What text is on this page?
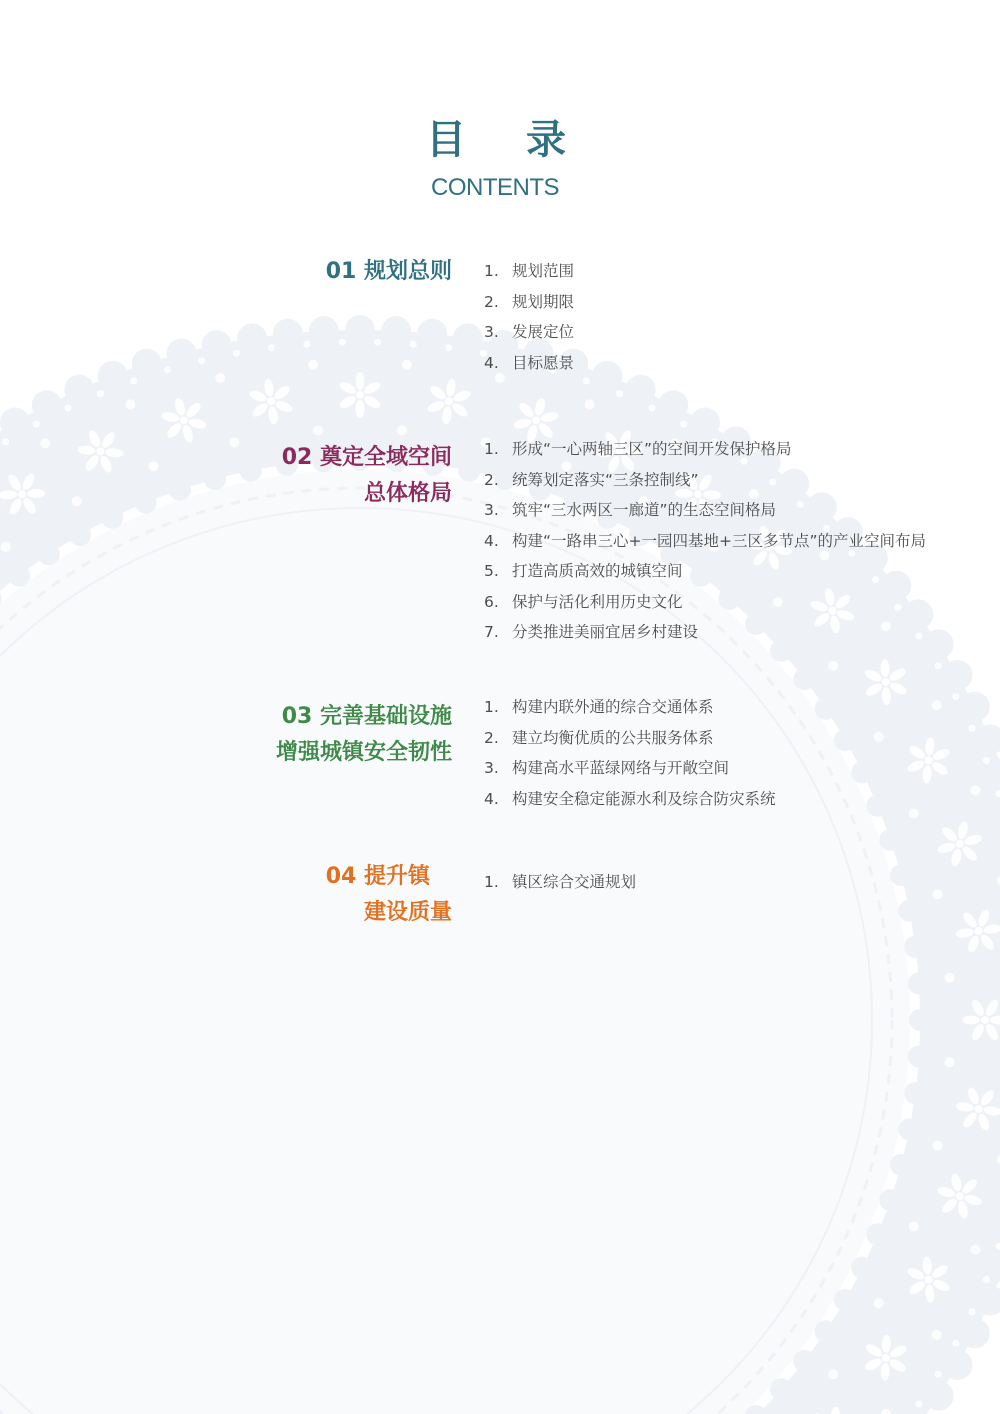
目 录
CONTENTS
01 规划总则 1. 规划范围
2. 规划期限
3. 发展定位
4. 目标愿景
02 奠定全域空间
总体格局
1. 形成“一心两轴三区”的空间开发保护格局
2. 统筹划定落实“三条控制线”
3. 筑牢“三水两区一廊道”的生态空间格局
4. 构建“一路串三心+一园四基地+三区多节点”的产业空间布局
5. 打造高质高效的城镇空间
6. 保护与活化利用历史文化
7. 分类推进美丽宜居乡村建设
03 完善基础设施
增强城镇安全韧性
1. 构建内联外通的综合交通体系
2. 建立均衡优质的公共服务体系
3. 构建高水平蓝绿网络与开敞空间
4. 构建安全稳定能源水利及综合防灾系统
04 提升镇
建设质量
1. 镇区综合交通规划
